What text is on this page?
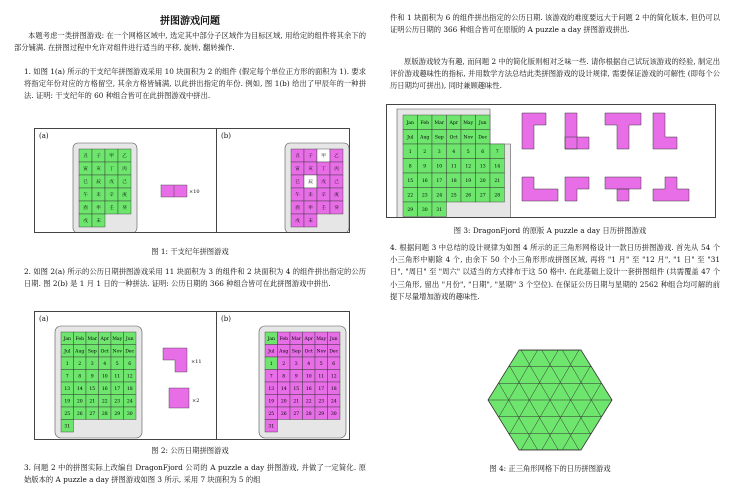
拼图游戏问题
本题考虑一类拼图游戏: 在一个网格区域中, 选定其中部分子区域作为目标区域, 用给定的组件将其余下的部分铺满. 在拼图过程中允许对组件进行适当的平移, 旋转, 翻转操作.
1. 如图 1(a) 所示的干支纪年拼图游戏采用 10 块面积为 2 的组件 (假定每个单位正方形的面积为 1). 要求将指定年份对应的方格留空, 其余方格皆铺满, 以此拼出指定的年份. 例如, 图 1(b) 给出了甲辰年的一种拼法. 证明: 干支纪年的 60 种组合皆可在此拼图游戏中拼出.
(a)	(b)
丑 子 甲 乙
寅 亥 丁 丙
巳 辰 戊 己
午 未 辛 庚
酉 申 壬 癸
戌 末
×10
丑 子 甲 乙
寅 亥 丁 丙
巳 辰 戊 己
午 未 辛 庚
酉 申 壬 癸
戌 末
图 1: 干支纪年拼图游戏
2. 如图 2(a) 所示的公历日期拼图游戏采用 11 块面积为 3 的组件和 2 块面积为 4 的组件拼出指定的公历日期. 图 2(b) 是 1 月 1 日的一种拼法. 证明: 公历日期的 366 种组合皆可在此拼图游戏中拼出.
(a)	(b)
Jan Feb Mar Apr May Jun
Jul Aug Sep Oct Nov Dec
1 2 3 4 5 6
7 8 9 10 11 12
13 14 15 16 17 18
19 20 21 22 23 24
25 26 27 28 29 30
31
×11
×2
Jan Feb Mar Apr May Jun
Jul Aug Sep Oct Nov Dec
1 2 3 4 5 6
7 8 9 10 11 12
13 14 15 16 17 18
19 20 21 22 23 24
25 26 27 28 29 30
31
图 2: 公历日期拼图游戏
3. 问题 2 中的拼图实际上改编自 DragonFjord 公司的 A puzzle a day 拼图游戏, 并做了一定简化. 原始版本的 A puzzle a day 拼图游戏如图 3 所示, 采用 7 块面积为 5 的组
件和 1 块面积为 6 的组件拼出指定的公历日期. 该游戏的难度要远大于问题 2 中的简化版本, 但仍可以证明公历日期的 366 种组合皆可在原版的 A puzzle a day 拼图游戏拼出.
原版游戏较为有趣, 而问题 2 中的简化版则相对乏味一些. 请你根据自己试玩该游戏的经验, 制定出评价游戏趣味性的指标, 并用数学方法总结此类拼图游戏的设计规律, 需要保证游戏的可解性 (即每个公历日期均可拼出), 同时兼顾趣味性.
Jan Feb Mar Apr May Jun
Jul Aug Sep Oct Nov Dec
1	2	3	4	5	6	7
8	9 10 11 12 13 14
15 16 17 18 19 20 21
22 23 24 25 26 27 28
29 30 31
图 3: DragonFjord 的原版 A puzzle a day 日历拼图游戏
4. 根据问题 3 中总结的设计规律为如图 4 所示的正三角形网格设计一款日历拼图游戏. 首先从 54 个小三角形中剔除 4 个, 由余下 50 个小三角形形成拼图区域, 再将 "1 月" 至 "12 月", "1 日" 至 "31 日", "周日" 至 "周六" 以适当的方式排布于这 50 格中. 在此基础上设计一套拼图组件 (共需覆盖 47 个小三角形, 留出 "月份", "日期", "星期" 3 个空位). 在保证公历日期与星期的 2562 种组合均可解的前提下尽量增加游戏的趣味性.
图 4: 正三角形网格下的日历拼图游戏
